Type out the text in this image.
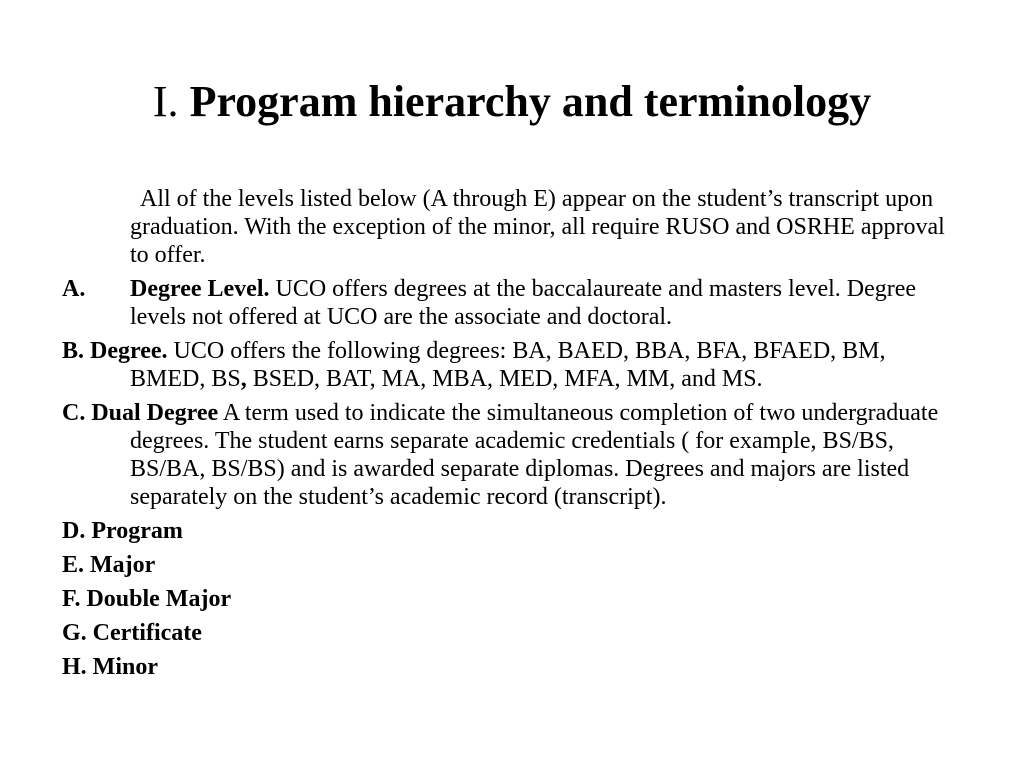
I. Program hierarchy and terminology

All of the levels listed below (A through E) appear on the student’s transcript upon graduation. With the exception of the minor, all require RUSO and OSRHE approval to offer.

A. Degree Level. UCO offers degrees at the baccalaureate and masters level. Degree levels not offered at UCO are the associate and doctoral.

B. Degree. UCO offers the following degrees: BA, BAED, BBA, BFA, BFAED, BM, BMED, BS, BSED, BAT, MA, MBA, MED, MFA, MM, and MS.

C. Dual Degree A term used to indicate the simultaneous completion of two undergraduate degrees. The student earns separate academic credentials ( for example, BS/BS, BS/BA, BS/BS) and is awarded separate diplomas. Degrees and majors are listed separately on the student’s academic record (transcript).

D. Program

E. Major

F. Double Major

G. Certificate

H. Minor
